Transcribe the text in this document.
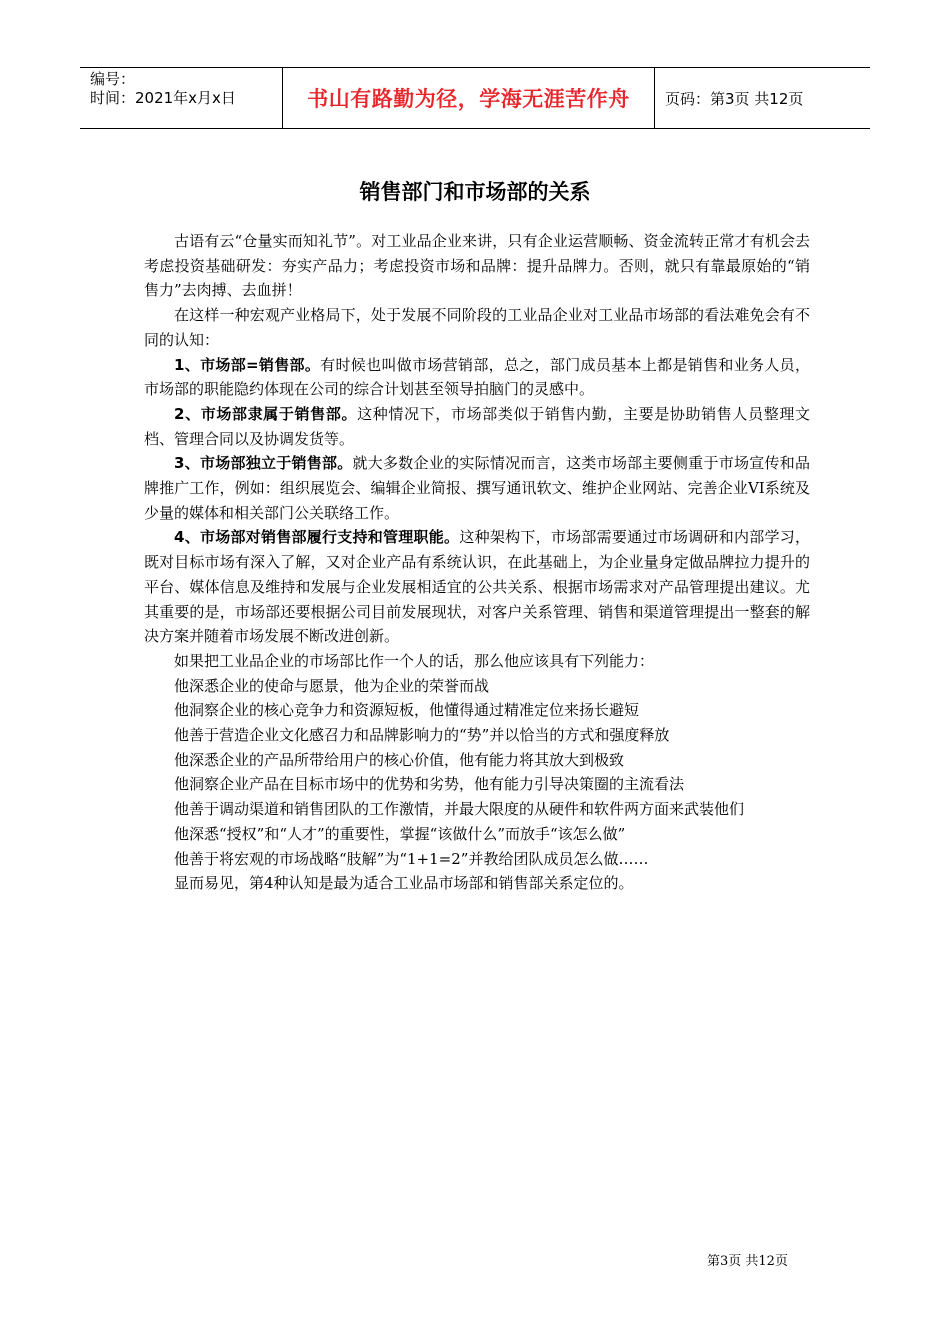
编号：
时间：2021年x月x日	书山有路勤为径，学海无涯苦作舟 页码：第3页 共12页
销售部门和市场部的关系

古语有云“仓量实而知礼节”。对工业品企业来讲，只有企业运营顺畅、资金流转正常才有机会去考虑投资基础研发：夯实产品力；考虑投资市场和品牌：提升品牌力。否则，就只有靠最原始的“销售力”去肉搏、去血拼！

在这样一种宏观产业格局下，处于发展不同阶段的工业品企业对工业品市场部的看法难免会有不同的认知：

1、市场部=销售部。有时候也叫做市场营销部，总之，部门成员基本上都是销售和业务人员，市场部的职能隐约体现在公司的综合计划甚至领导拍脑门的灵感中。

2、市场部隶属于销售部。这种情况下，市场部类似于销售内勤，主要是协助销售人员整理文档、管理合同以及协调发货等。

3、市场部独立于销售部。就大多数企业的实际情况而言，这类市场部主要侧重于市场宣传和品牌推广工作，例如：组织展览会、编辑企业简报、撰写通讯软文、维护企业网站、完善企业VI系统及少量的媒体和相关部门公关联络工作。

4、市场部对销售部履行支持和管理职能。这种架构下，市场部需要通过市场调研和内部学习，既对目标市场有深入了解，又对企业产品有系统认识，在此基础上，为企业量身定做品牌拉力提升的平台、媒体信息及维持和发展与企业发展相适宜的公共关系、根据市场需求对产品管理提出建议。尤其重要的是，市场部还要根据公司目前发展现状，对客户关系管理、销售和渠道管理提出一整套的解决方案并随着市场发展不断改进创新。

如果把工业品企业的市场部比作一个人的话，那么他应该具有下列能力：

他深悉企业的使命与愿景，他为企业的荣誉而战

他洞察企业的核心竞争力和资源短板，他懂得通过精准定位来扬长避短

他善于营造企业文化感召力和品牌影响力的“势”并以恰当的方式和强度释放

他深悉企业的产品所带给用户的核心价值，他有能力将其放大到极致

他洞察企业产品在目标市场中的优势和劣势，他有能力引导决策圈的主流看法

他善于调动渠道和销售团队的工作激情，并最大限度的从硬件和软件两方面来武装他们

他深悉“授权”和“人才”的重要性，掌握“该做什么”而放手“该怎么做”

他善于将宏观的市场战略“肢解”为“1+1=2”并教给团队成员怎么做……

显而易见，第4种认知是最为适合工业品市场部和销售部关系定位的。

第3页 共12页
